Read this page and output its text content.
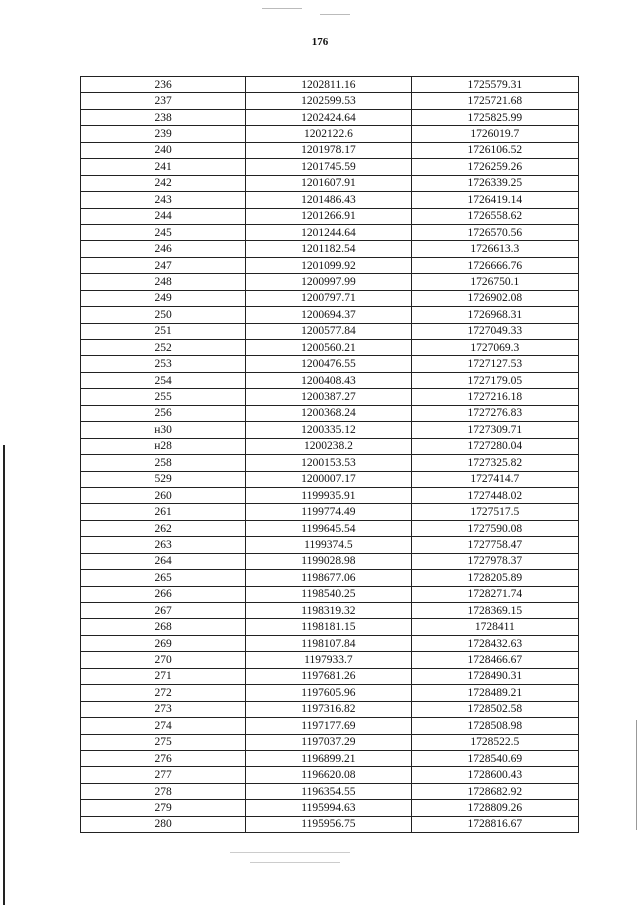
176
236	1202811.16	1725579.31
237	1202599.53	1725721.68
238	1202424.64	1725825.99
239	1202122.6	1726019.7
240	1201978.17	1726106.52
241	1201745.59	1726259.26
242	1201607.91	1726339.25
243	1201486.43	1726419.14
244	1201266.91	1726558.62
245	1201244.64	1726570.56
246	1201182.54	1726613.3
247	1201099.92	1726666.76
248	1200997.99	1726750.1
249	1200797.71	1726902.08
250	1200694.37	1726968.31
251	1200577.84	1727049.33
252	1200560.21	1727069.3
253	1200476.55	1727127.53
254	1200408.43	1727179.05
255	1200387.27	1727216.18
256	1200368.24	1727276.83
н30	1200335.12	1727309.71
н28	1200238.2	1727280.04
258	1200153.53	1727325.82
529	1200007.17	1727414.7
260	1199935.91	1727448.02
261	1199774.49	1727517.5
262	1199645.54	1727590.08
263	1199374.5	1727758.47
264	1199028.98	1727978.37
265	1198677.06	1728205.89
266	1198540.25	1728271.74
267	1198319.32	1728369.15
268	1198181.15	1728411
269	1198107.84	1728432.63
270	1197933.7	1728466.67
271	1197681.26	1728490.31
272	1197605.96	1728489.21
273	1197316.82	1728502.58
274	1197177.69	1728508.98
275	1197037.29	1728522.5
276	1196899.21	1728540.69
277	1196620.08	1728600.43
278	1196354.55	1728682.92
279	1195994.63	1728809.26
280	1195956.75	1728816.67
